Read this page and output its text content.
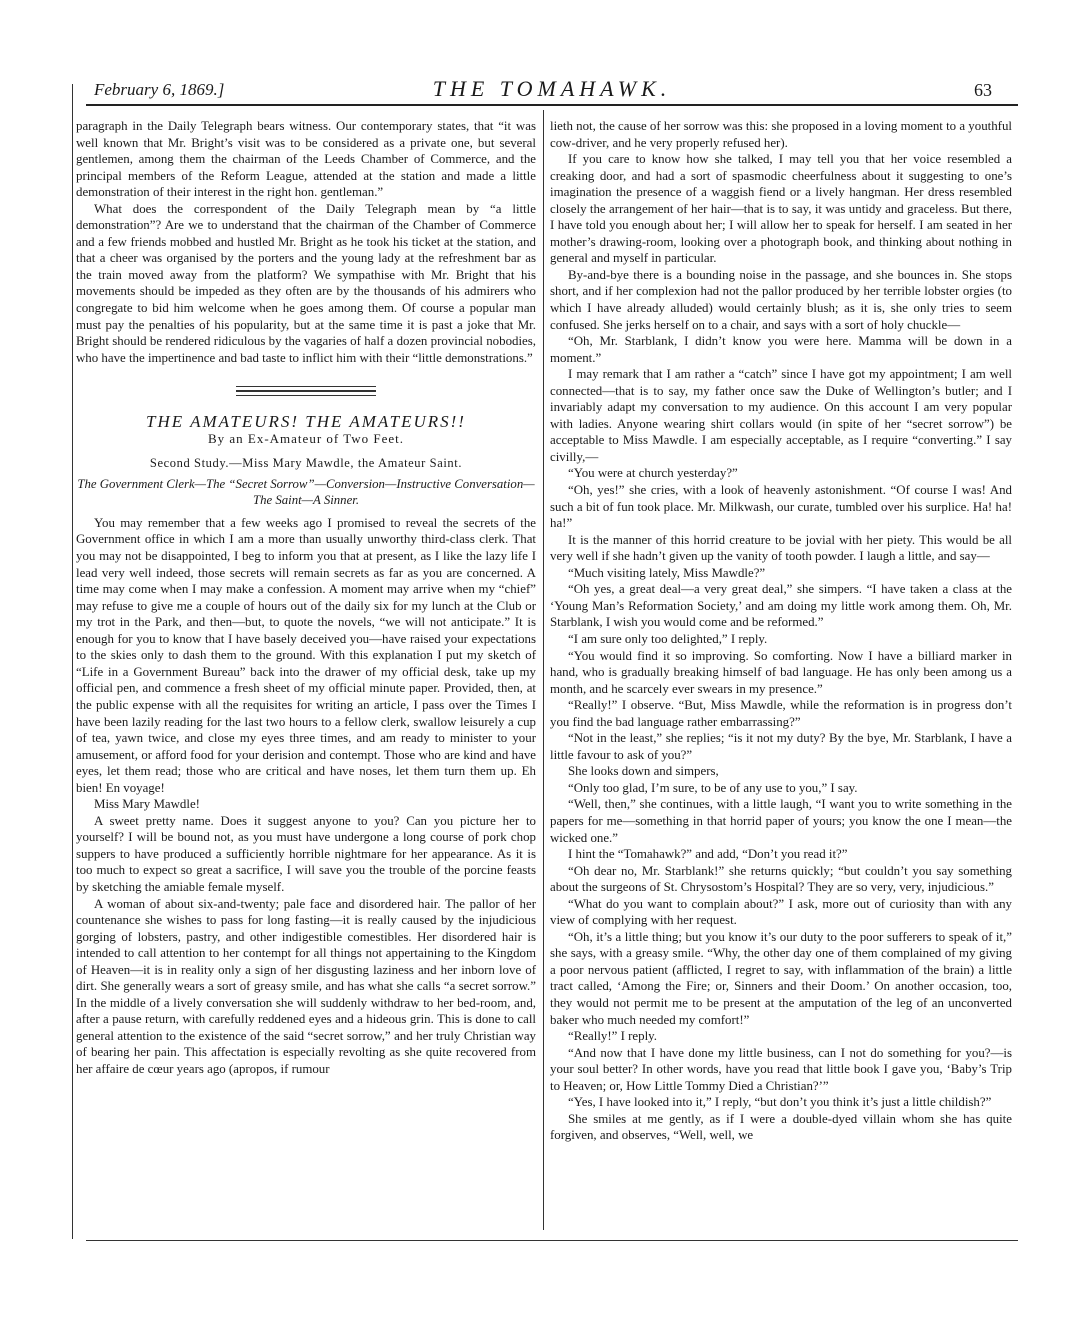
February 6, 1869.]	THE TOMAHAWK.	63

paragraph in the Daily Telegraph bears witness. Our contemporary states, that “it was well known that Mr. Bright’s visit was to be considered as a private one, but several gentlemen, among them the chairman of the Leeds Chamber of Commerce, and the principal members of the Reform League, attended at the station and made a little demonstration of their interest in the right hon. gentleman.”

What does the correspondent of the Daily Telegraph mean by “a little demonstration”? Are we to understand that the chairman of the Chamber of Commerce and a few friends mobbed and hustled Mr. Bright as he took his ticket at the station, and that a cheer was organised by the porters and the young lady at the refreshment bar as the train moved away from the platform? We sympathise with Mr. Bright that his movements should be impeded as they often are by the thousands of his admirers who congregate to bid him welcome when he goes among them. Of course a popular man must pay the penalties of his popularity, but at the same time it is past a joke that Mr. Bright should be rendered ridiculous by the vagaries of half a dozen provincial nobodies, who have the impertinence and bad taste to inflict him with their “little demonstrations.”

THE AMATEURS! THE AMATEURS!!
By an Ex-Amateur of Two Feet.
Second Study.—Miss Mary Mawdle, the Amateur Saint.
The Government Clerk—The “Secret Sorrow”—Conversion—Instructive Conversation—The Saint—A Sinner.

You may remember that a few weeks ago I promised to reveal the secrets of the Government office in which I am a more than usually unworthy third-class clerk. That you may not be disappointed, I beg to inform you that at present, as I like the lazy life I lead very well indeed, those secrets will remain secrets as far as you are concerned. A time may come when I may make a confession. A moment may arrive when my “chief” may refuse to give me a couple of hours out of the daily six for my lunch at the Club or my trot in the Park, and then—but, to quote the novels, “we will not anticipate.” It is enough for you to know that I have basely deceived you—have raised your expectations to the skies only to dash them to the ground. With this explanation I put my sketch of “Life in a Government Bureau” back into the drawer of my official desk, take up my official pen, and commence a fresh sheet of my official minute paper. Provided, then, at the public expense with all the requisites for writing an article, I pass over the Times I have been lazily reading for the last two hours to a fellow clerk, swallow leisurely a cup of tea, yawn twice, and close my eyes three times, and am ready to minister to your amusement, or afford food for your derision and contempt. Those who are kind and have eyes, let them read; those who are critical and have noses, let them turn them up. Eh bien! En voyage!

Miss Mary Mawdle!

A sweet pretty name. Does it suggest anyone to you? Can you picture her to yourself? I will be bound not, as you must have undergone a long course of pork chop suppers to have produced a sufficiently horrible nightmare for her appearance. As it is too much to expect so great a sacrifice, I will save you the trouble of the porcine feasts by sketching the amiable female myself.

A woman of about six-and-twenty; pale face and disordered hair. The pallor of her countenance she wishes to pass for long fasting—it is really caused by the injudicious gorging of lobsters, pastry, and other indigestible comestibles. Her disordered hair is intended to call attention to her contempt for all things not appertaining to the Kingdom of Heaven—it is in reality only a sign of her disgusting laziness and her inborn love of dirt. She generally wears a sort of greasy smile, and has what she calls “a secret sorrow.” In the middle of a lively conversation she will suddenly withdraw to her bed-room, and, after a pause return, with carefully reddened eyes and a hideous grin. This is done to call general attention to the existence of the said “secret sorrow,” and her truly Christian way of bearing her pain. This affectation is especially revolting as she quite recovered from her affaire de cœur years ago (apropos, if rumour

lieth not, the cause of her sorrow was this: she proposed in a loving moment to a youthful cow-driver, and he very properly refused her).

If you care to know how she talked, I may tell you that her voice resembled a creaking door, and had a sort of spasmodic cheerfulness about it suggesting to one’s imagination the presence of a waggish fiend or a lively hangman. Her dress resembled closely the arrangement of her hair—that is to say, it was untidy and graceless. But there, I have told you enough about her; I will allow her to speak for herself. I am seated in her mother’s drawing-room, looking over a photograph book, and thinking about nothing in general and myself in particular.

By-and-bye there is a bounding noise in the passage, and she bounces in. She stops short, and if her complexion had not the pallor produced by her terrible lobster orgies (to which I have already alluded) would certainly blush; as it is, she only tries to seem confused. She jerks herself on to a chair, and says with a sort of holy chuckle—

“Oh, Mr. Starblank, I didn’t know you were here. Mamma will be down in a moment.”

I may remark that I am rather a “catch” since I have got my appointment; I am well connected—that is to say, my father once saw the Duke of Wellington’s butler; and I invariably adapt my conversation to my audience. On this account I am very popular with ladies. Anyone wearing shirt collars would (in spite of her “secret sorrow”) be acceptable to Miss Mawdle. I am especially acceptable, as I require “converting.” I say civilly,—

“You were at church yesterday?”

“Oh, yes!” she cries, with a look of heavenly astonishment. “Of course I was! And such a bit of fun took place. Mr. Milkwash, our curate, tumbled over his surplice. Ha! ha! ha!”

It is the manner of this horrid creature to be jovial with her piety. This would be all very well if she hadn’t given up the vanity of tooth powder. I laugh a little, and say—

“Much visiting lately, Miss Mawdle?”

“Oh yes, a great deal—a very great deal,” she simpers. “I have taken a class at the ‘Young Man’s Reformation Society,’ and am doing my little work among them. Oh, Mr. Starblank, I wish you would come and be reformed.”

“I am sure only too delighted,” I reply.

“You would find it so improving. So comforting. Now I have a billiard marker in hand, who is gradually breaking himself of bad language. He has only been among us a month, and he scarcely ever swears in my presence.”

“Really!” I observe. “But, Miss Mawdle, while the reformation is in progress don’t you find the bad language rather embarrassing?”

“Not in the least,” she replies; “is it not my duty? By the bye, Mr. Starblank, I have a little favour to ask of you?”

She looks down and simpers,

“Only too glad, I’m sure, to be of any use to you,” I say.

“Well, then,” she continues, with a little laugh, “I want you to write something in the papers for me—something in that horrid paper of yours; you know the one I mean—the wicked one.”

I hint the “Tomahawk?” and add, “Don’t you read it?”

“Oh dear no, Mr. Starblank!” she returns quickly; “but couldn’t you say something about the surgeons of St. Chrysostom’s Hospital? They are so very, very, injudicious.”

“What do you want to complain about?” I ask, more out of curiosity than with any view of complying with her request.

“Oh, it’s a little thing; but you know it’s our duty to the poor sufferers to speak of it,” she says, with a greasy smile. “Why, the other day one of them complained of my giving a poor nervous patient (afflicted, I regret to say, with inflammation of the brain) a little tract called, ‘Among the Fire; or, Sinners and their Doom.’ On another occasion, too, they would not permit me to be present at the amputation of the leg of an unconverted baker who much needed my comfort!”

“Really!” I reply.

“And now that I have done my little business, can I not do something for you?—is your soul better? In other words, have you read that little book I gave you, ‘Baby’s Trip to Heaven; or, How Little Tommy Died a Christian?’”

“Yes, I have looked into it,” I reply, “but don’t you think it’s just a little childish?”

She smiles at me gently, as if I were a double-dyed villain whom she has quite forgiven, and observes, “Well, well, we
